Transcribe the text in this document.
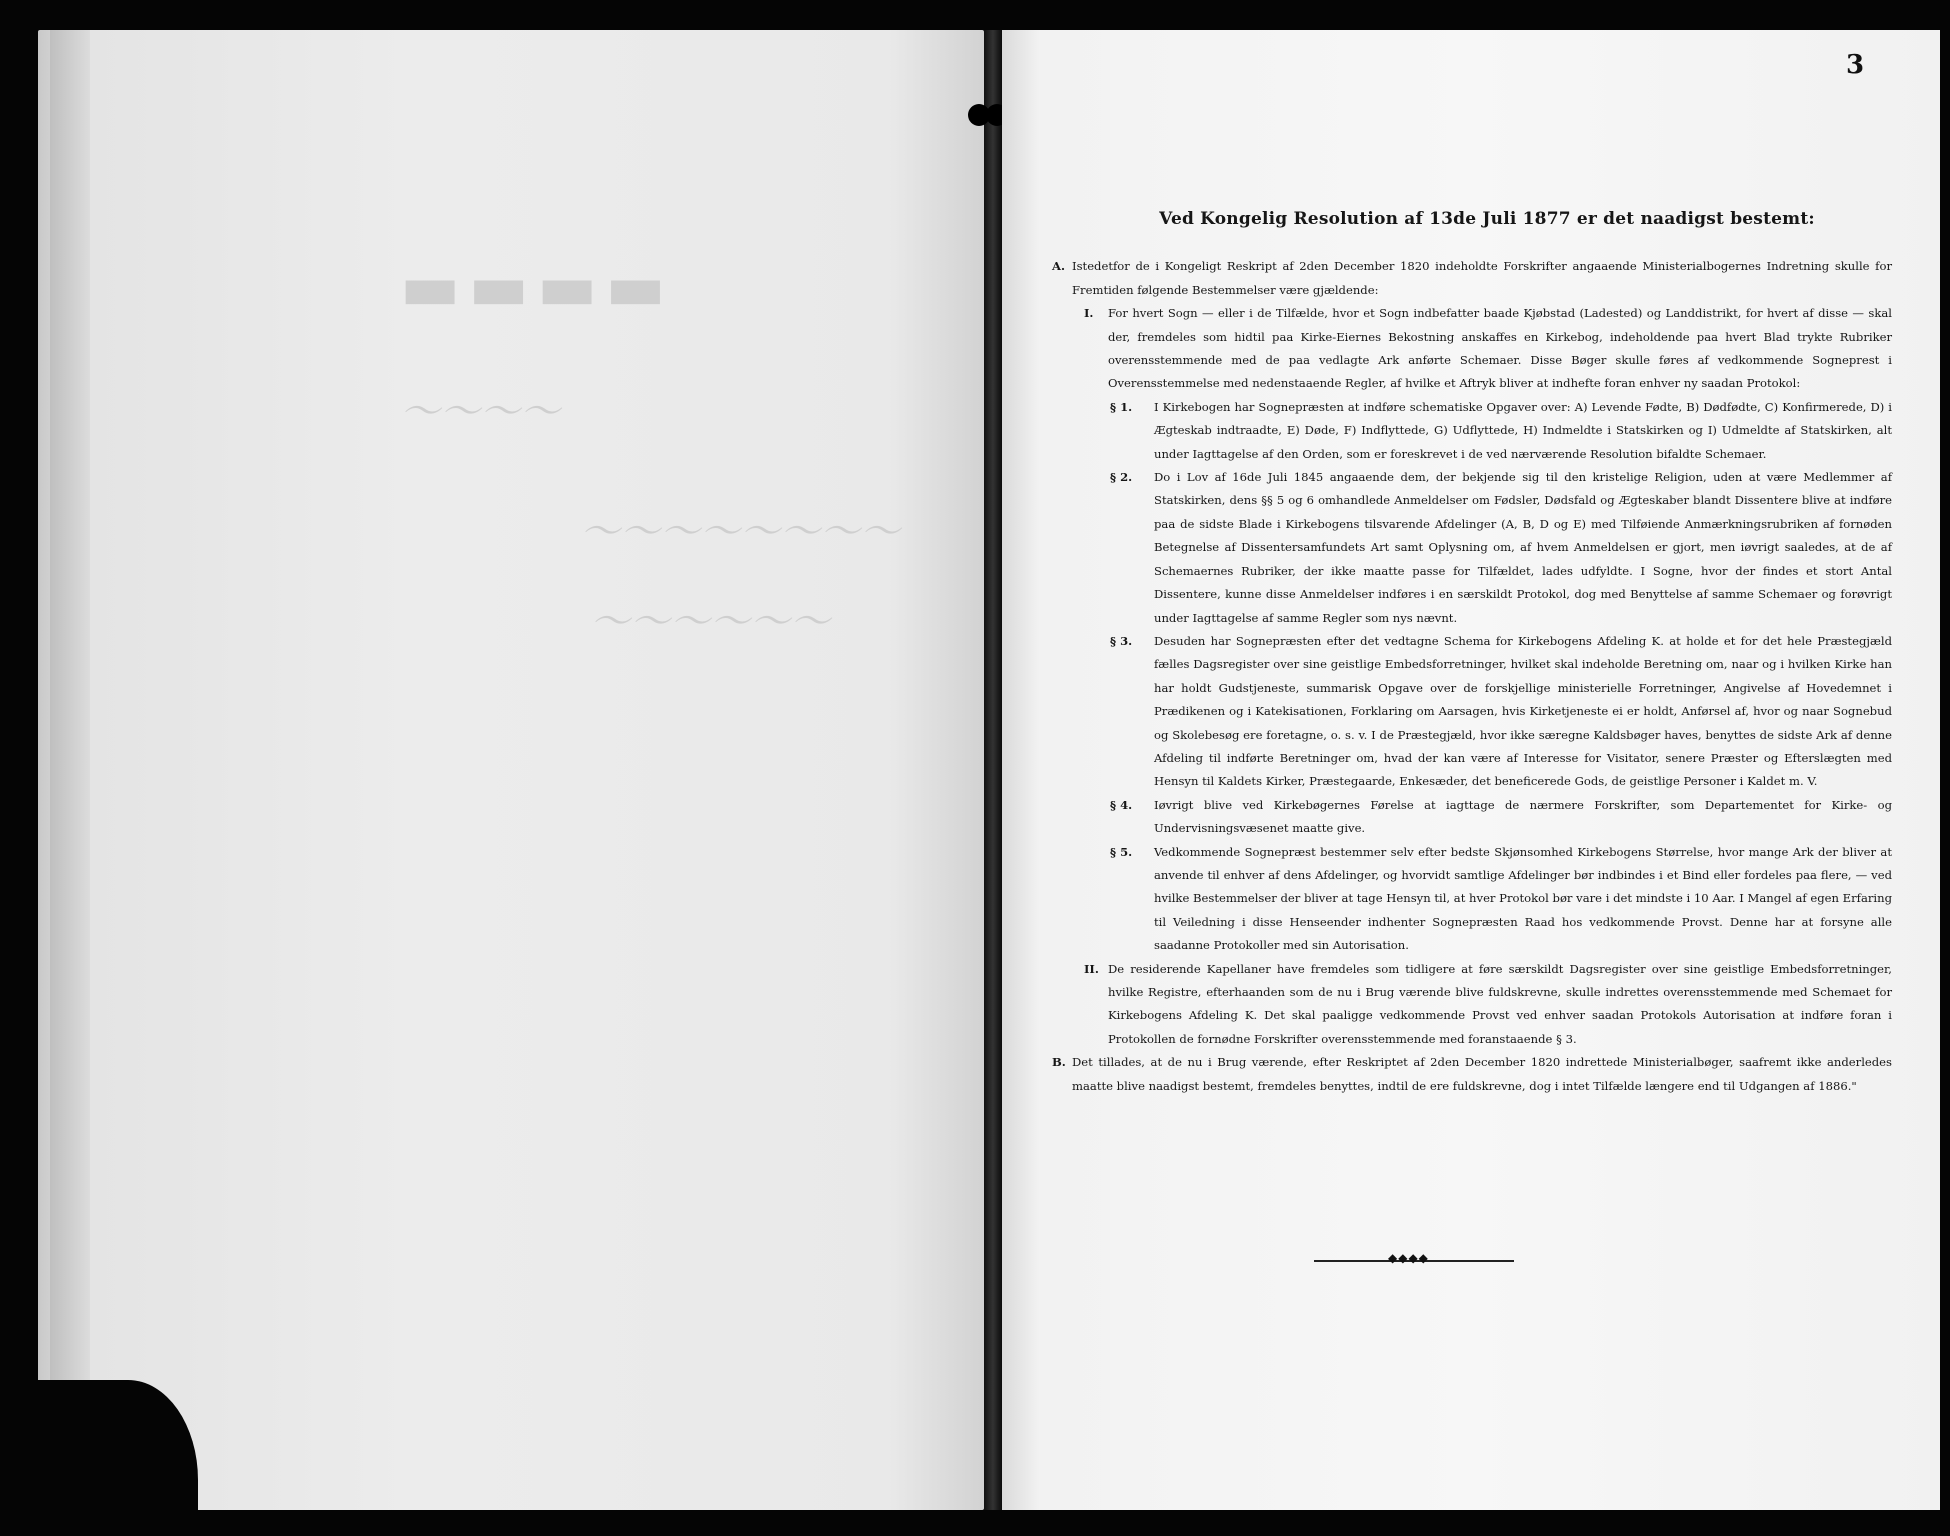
▬▬▬▬
～～～～
～～～～～～～～
～～～～～～
3
Ved Kongelig Resolution af 13de Juli 1877 er det naadigst bestemt:
A. Istedetfor de i Kongeligt Reskript af 2den December 1820 indeholdte Forskrifter angaaende Ministerialbogernes Indretning skulle for Fremtiden følgende Bestemmelser være gjældende:
I. For hvert Sogn — eller i de Tilfælde, hvor et Sogn indbefatter baade Kjøbstad (Ladested) og Landdistrikt, for hvert af disse — skal der, fremdeles som hidtil paa Kirke-Eiernes Bekostning anskaffes en Kirkebog, indeholdende paa hvert Blad trykte Rubriker overensstemmende med de paa vedlagte Ark anførte Schemaer. Disse Bøger skulle føres af vedkommende Sogneprest i Overensstemmelse med nedenstaaende Regler, af hvilke et Aftryk bliver at indhefte foran enhver ny saadan Protokol:
§ 1. I Kirkebogen har Sognepræsten at indføre schematiske Opgaver over: A) Levende Fødte, B) Dødfødte, C) Konfirmerede, D) i Ægteskab indtraadte, E) Døde, F) Indflyttede, G) Udflyttede, H) Indmeldte i Statskirken og I) Udmeldte af Statskirken, alt under Iagttagelse af den Orden, som er foreskrevet i de ved nærværende Resolution bifaldte Schemaer.
§ 2. Do i Lov af 16de Juli 1845 angaaende dem, der bekjende sig til den kristelige Religion, uden at være Medlemmer af Statskirken, dens §§ 5 og 6 omhandlede Anmeldelser om Fødsler, Dødsfald og Ægteskaber blandt Dissentere blive at indføre paa de sidste Blade i Kirkebogens tilsvarende Afdelinger (A, B, D og E) med Tilføiende Anmærkningsrubriken af fornøden Betegnelse af Dissentersamfundets Art samt Oplysning om, af hvem Anmeldelsen er gjort, men iøvrigt saaledes, at de af Schemaernes Rubriker, der ikke maatte passe for Tilfældet, lades udfyldte. I Sogne, hvor der findes et stort Antal Dissentere, kunne disse Anmeldelser indføres i en særskildt Protokol, dog med Benyttelse af samme Schemaer og forøvrigt under Iagttagelse af samme Regler som nys nævnt.
§ 3. Desuden har Sognepræsten efter det vedtagne Schema for Kirkebogens Afdeling K. at holde et for det hele Præstegjæld fælles Dagsregister over sine geistlige Embedsforretninger, hvilket skal indeholde Beretning om, naar og i hvilken Kirke han har holdt Gudstjeneste, summarisk Opgave over de forskjellige ministerielle Forretninger, Angivelse af Hovedemnet i Prædikenen og i Katekisationen, Forklaring om Aarsagen, hvis Kirketjeneste ei er holdt, Anførsel af, hvor og naar Sognebud og Skolebesøg ere foretagne, o. s. v. I de Præstegjæld, hvor ikke særegne Kaldsbøger haves, benyttes de sidste Ark af denne Afdeling til indførte Beretninger om, hvad der kan være af Interesse for Visitator, senere Præster og Efterslægten med Hensyn til Kaldets Kirker, Præstegaarde, Enkesæder, det beneficerede Gods, de geistlige Personer i Kaldet m. V.
§ 4. Iøvrigt blive ved Kirkebøgernes Førelse at iagttage de nærmere Forskrifter, som Departementet for Kirke- og Undervisningsvæsenet maatte give.
§ 5. Vedkommende Sognepræst bestemmer selv efter bedste Skjønsomhed Kirkebogens Størrelse, hvor mange Ark der bliver at anvende til enhver af dens Afdelinger, og hvorvidt samtlige Afdelinger bør indbindes i et Bind eller fordeles paa flere, — ved hvilke Bestemmelser der bliver at tage Hensyn til, at hver Protokol bør vare i det mindste i 10 Aar. I Mangel af egen Erfaring til Veiledning i disse Henseender indhenter Sognepræsten Raad hos vedkommende Provst. Denne har at forsyne alle saadanne Protokoller med sin Autorisation.
II. De residerende Kapellaner have fremdeles som tidligere at føre særskildt Dagsregister over sine geistlige Embedsforretninger, hvilke Registre, efterhaanden som de nu i Brug værende blive fuldskrevne, skulle indrettes overensstemmende med Schemaet for Kirkebogens Afdeling K. Det skal paaligge vedkommende Provst ved enhver saadan Protokols Autorisation at indføre foran i Protokollen de fornødne Forskrifter overensstemmende med foranstaaende § 3.
B. Det tillades, at de nu i Brug værende, efter Reskriptet af 2den December 1820 indrettede Ministerialbøger, saafremt ikke anderledes maatte blive naadigst bestemt, fremdeles benyttes, indtil de ere fuldskrevne, dog i intet Tilfælde længere end til Udgangen af 1886."
◆◆◆◆
